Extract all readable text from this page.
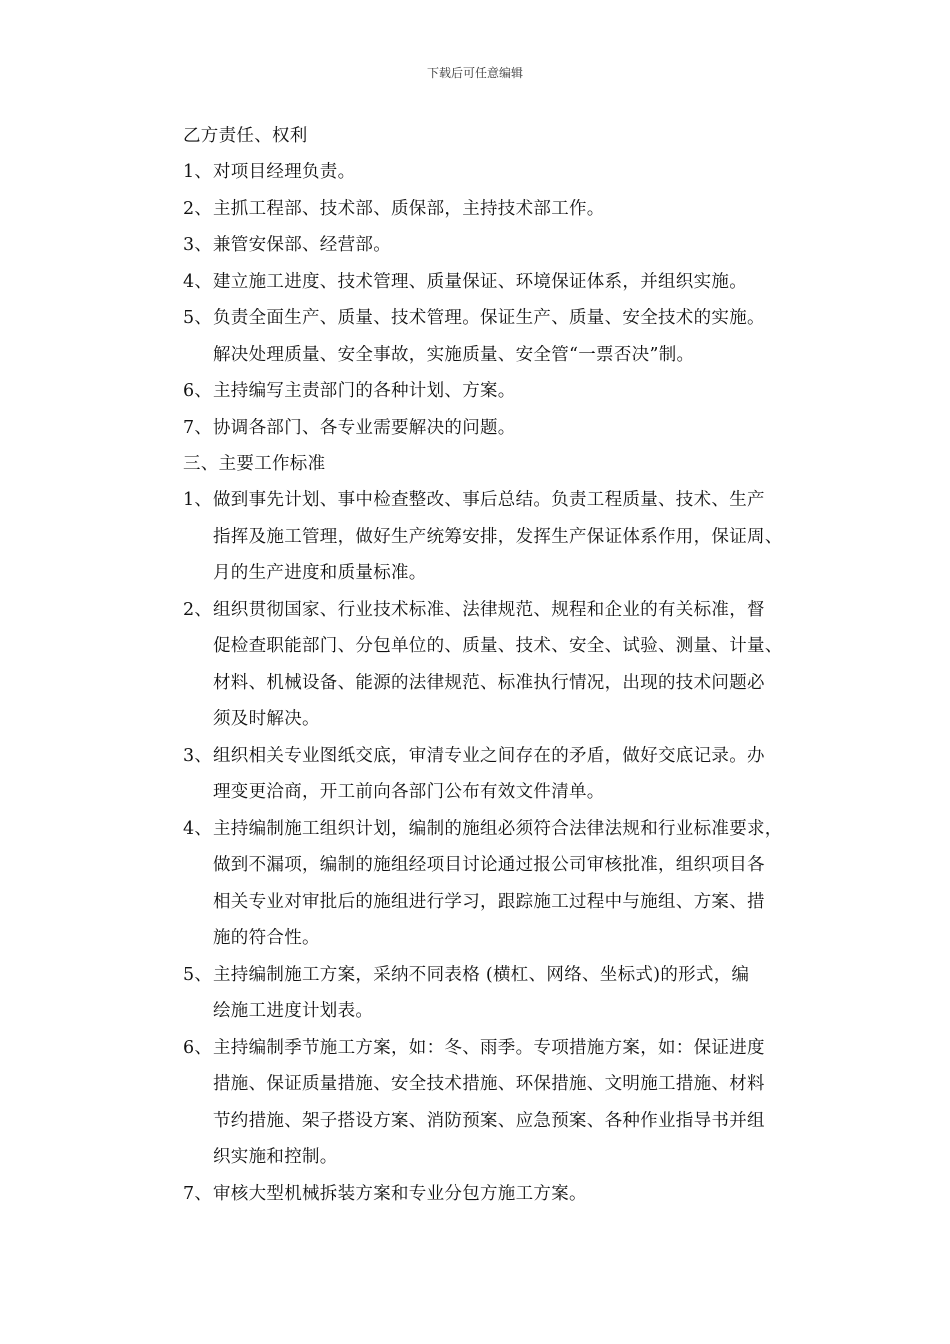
下载后可任意编辑
乙方责任、权利
1、 对项目经理负责。
2、 主抓工程部、技术部、质保部，主持技术部工作。
3、 兼管安保部、经营部。
4、 建立施工进度、技术管理、质量保证、环境保证体系，并组织实施。
5、 负责全面生产、质量、技术管理。保证生产、质量、安全技术的实施。
解决处理质量、安全事故，实施质量、安全管“一票否决”制。
6、 主持编写主责部门的各种计划、方案。
7、 协调各部门、各专业需要解决的问题。
三、主要工作标准
1、 做到事先计划、事中检查整改、事后总结。负责工程质量、技术、生产
指挥及施工管理，做好生产统筹安排，发挥生产保证体系作用，保证周、
月的生产进度和质量标准。
2、 组织贯彻国家、行业技术标准、法律规范、规程和企业的有关标准，督
促检查职能部门、分包单位的、质量、技术、安全、试验、测量、计量、
材料、机械设备、能源的法律规范、标准执行情况，出现的技术问题必
须及时解决。
3、 组织相关专业图纸交底，审清专业之间存在的矛盾，做好交底记录。办
理变更洽商，开工前向各部门公布有效文件清单。
4、 主持编制施工组织计划，编制的施组必须符合法律法规和行业标准要求，
做到不漏项，编制的施组经项目讨论通过报公司审核批准，组织项目各
相关专业对审批后的施组进行学习，跟踪施工过程中与施组、方案、措
施的符合性。
5、 主持编制施工方案，采纳不同表格 (横杠、网络、坐标式)的形式，编
绘施工进度计划表。
6、 主持编制季节施工方案，如：冬、雨季。专项措施方案，如：保证进度
措施、保证质量措施、安全技术措施、环保措施、文明施工措施、材料
节约措施、架子搭设方案、消防预案、应急预案、各种作业指导书并组
织实施和控制。
7、 审核大型机械拆装方案和专业分包方施工方案。
